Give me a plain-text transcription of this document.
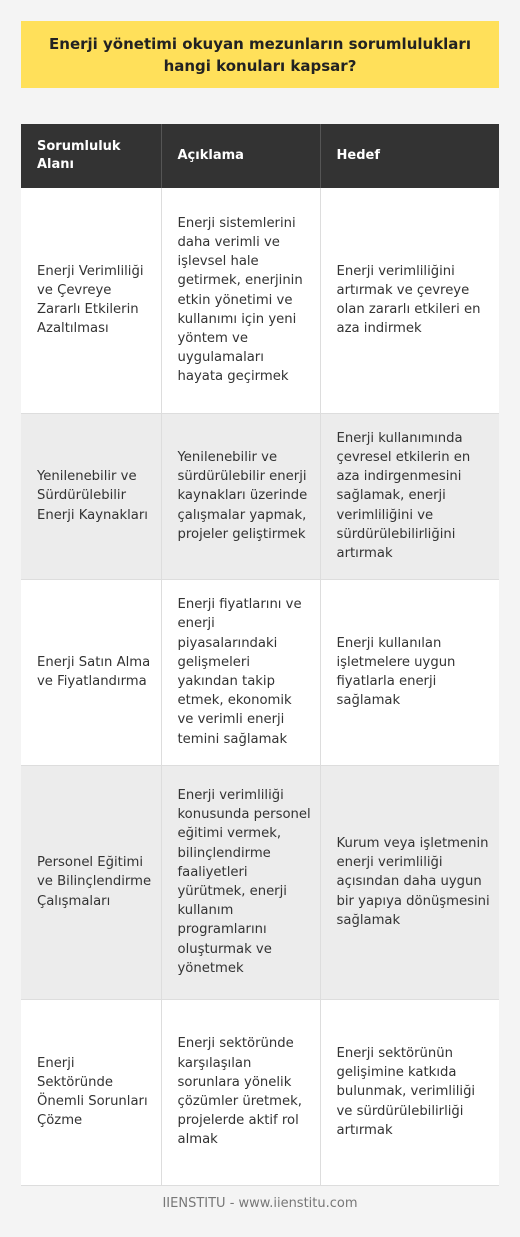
Enerji yönetimi okuyan mezunların sorumlulukları hangi konuları kapsar?
Sorumluluk Alanı	Açıklama	Hedef
Enerji Verimliliği ve Çevreye Zararlı Etkilerin Azaltılması	Enerji sistemlerini daha verimli ve işlevsel hale getirmek, enerjinin etkin yönetimi ve kullanımı için yeni yöntem ve uygulamaları hayata geçirmek	Enerji verimliliğini artırmak ve çevreye olan zararlı etkileri en aza indirmek
Yenilenebilir ve Sürdürülebilir Enerji Kaynakları	Yenilenebilir ve sürdürülebilir enerji kaynakları üzerinde çalışmalar yapmak, projeler geliştirmek	Enerji kullanımında çevresel etkilerin en aza indirgenmesini sağlamak, enerji verimliliğini ve sürdürülebilirliğini artırmak
Enerji Satın Alma ve Fiyatlandırma	Enerji fiyatlarını ve enerji piyasalarındaki gelişmeleri yakından takip etmek, ekonomik ve verimli enerji temini sağlamak	Enerji kullanılan işletmelere uygun fiyatlarla enerji sağlamak
Personel Eğitimi ve Bilinçlendirme Çalışmaları	Enerji verimliliği konusunda personel eğitimi vermek, bilinçlendirme faaliyetleri yürütmek, enerji kullanım programlarını oluşturmak ve yönetmek	Kurum veya işletmenin enerji verimliliği açısından daha uygun bir yapıya dönüşmesini sağlamak
Enerji Sektöründe Önemli Sorunları Çözme	Enerji sektöründe karşılaşılan sorunlara yönelik çözümler üretmek, projelerde aktif rol almak	Enerji sektörünün gelişimine katkıda bulunmak, verimliliği ve sürdürülebilirliği artırmak
IIENSTITU - www.iienstitu.com
